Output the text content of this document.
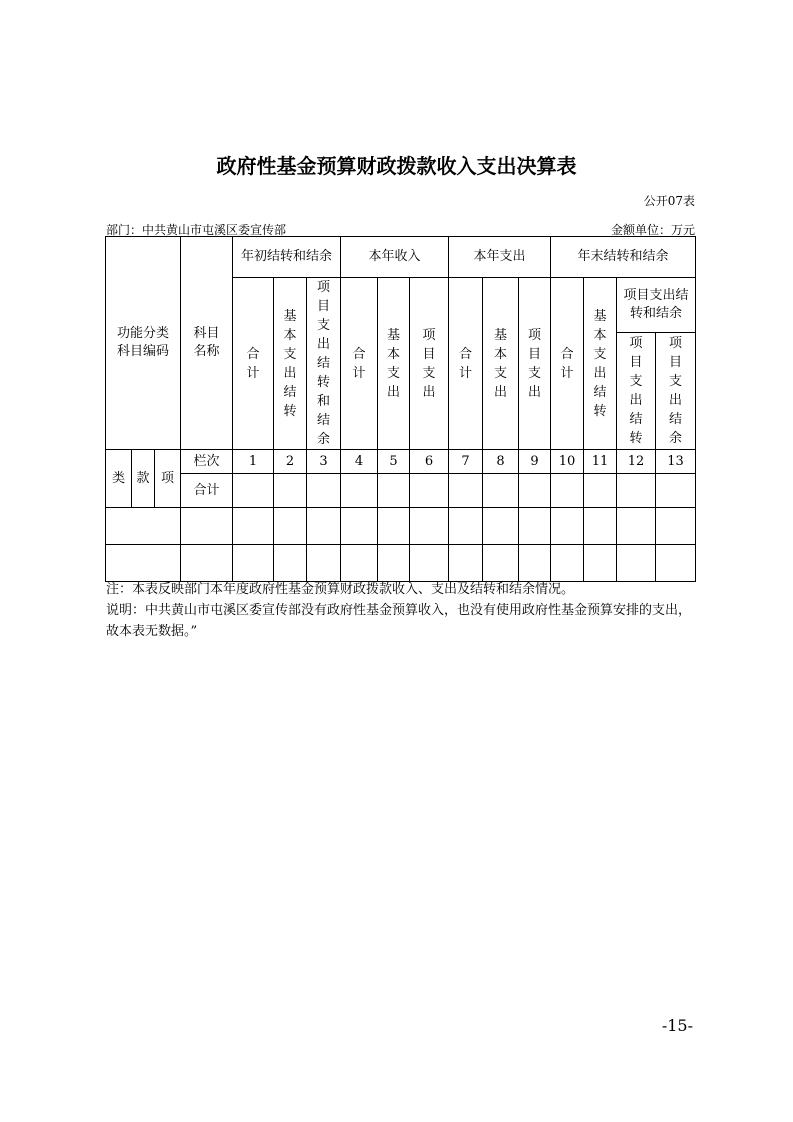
政府性基金预算财政拨款收入支出决算表
公开07表
部门：中共黄山市屯溪区委宣传部	金额单位：万元
功能分类科目编码			科目名称	年初结转和结余			本年收入			本年支出			年末结转和结余			
				合计	基本支出结转	项目支出结转和结余	合计	基本支出	项目支出	合计	基本支出	项目支出	合计	基本支出结转	项目支出结转和结余	
															项目支出结转	项目支出结余
类	款	项	栏次	1	2	3	4	5	6	7	8	9	10	11	12	13
			合计													

注：本表反映部门本年度政府性基金预算财政拨款收入、支出及结转和结余情况。
说明：中共黄山市屯溪区委宣传部没有政府性基金预算收入，也没有使用政府性基金预算安排的支出，故本表无数据。”
-15-
